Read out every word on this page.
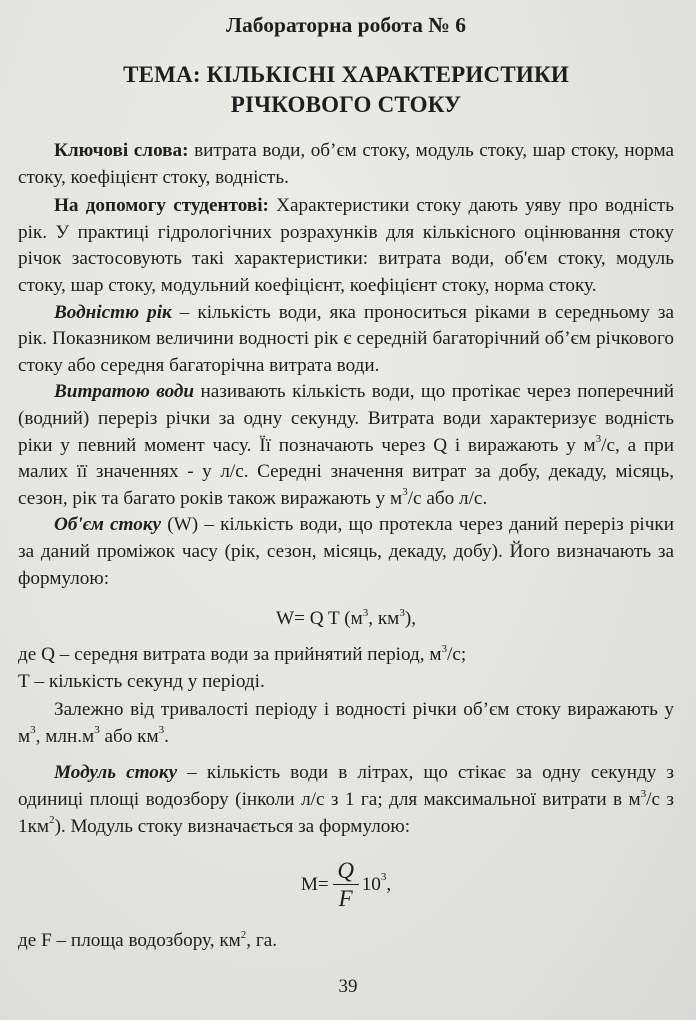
Лабораторна робота № 6

ТЕМА: КІЛЬКІСНІ ХАРАКТЕРИСТИКИ
РІЧКОВОГО СТОКУ

Ключові слова: витрата води, об’єм стоку, модуль стоку, шар стоку, норма стоку, коефіцієнт стоку, водність.

На допомогу студентові: Характеристики стоку дають уяву про водність рік. У практиці гідрологічних розрахунків для кількісного оцінювання стоку річок застосовують такі характеристики: витрата води, об'єм стоку, модуль стоку, шар стоку, модульний коефіцієнт, коефіцієнт стоку, норма стоку.

Водністю рік – кількість води, яка проноситься ріками в середньому за рік. Показником величини водності рік є середній багаторічний об’єм річкового стоку або середня багаторічна витрата води.

Витратою води називають кількість води, що протікає через поперечний (водний) переріз річки за одну секунду. Витрата води характеризує водність ріки у певний момент часу. Її позначають через Q і виражають у $м^3/с$, а при малих її значеннях - у л/с. Середні значення витрат за добу, декаду, місяць, сезон, рік та багато років також виражають у $м^3/с$ або л/с.

Об'єм стоку (W) – кількість води, що протекла через даний переріз річки за даний проміжок часу (рік, сезон, місяць, декаду, добу). Його визначають за формулою:

W= Q T ($м^3$, $км^3$),

де Q – середня витрата води за прийнятий період, $м^3/с$;

Т – кількість секунд у періоді.

Залежно від тривалості періоду і водності річки об’єм стоку виражають у $м^3$, $млн.м^3$ або $км^3$.

Модуль стоку – кількість води в літрах, що стікає за одну секунду з одиниці площі водозбору (інколи л/с з 1 га; для максимальної витрати в $м^3/с$ з $1км^2$). Модуль стоку визначається за формулою:

$M= \frac{Q}{F} 10^3$ ,

де F – площа водозбору, $км^2$, га.

39
